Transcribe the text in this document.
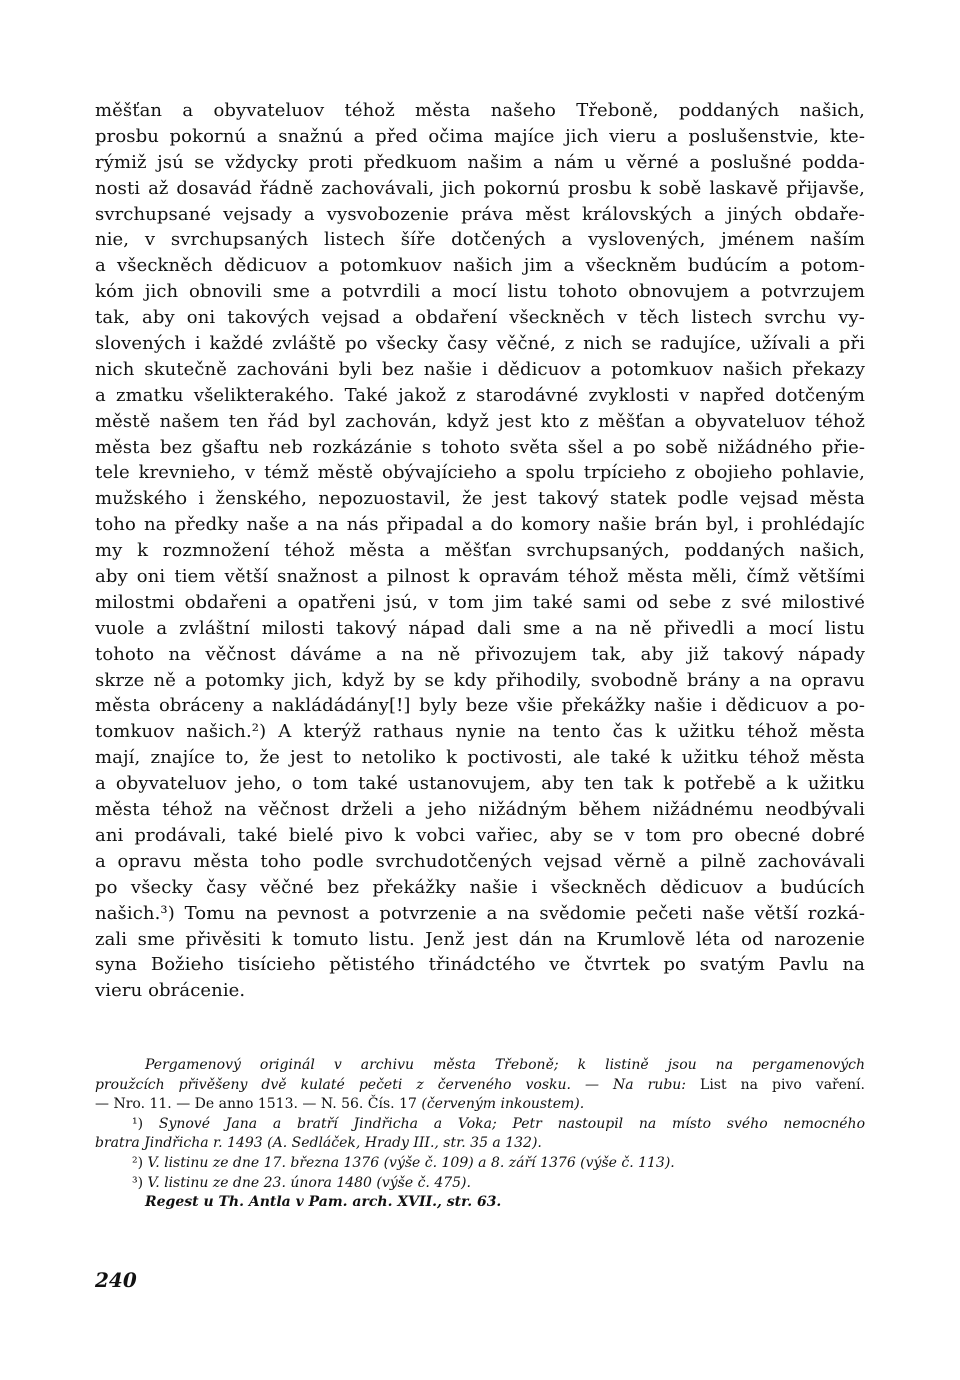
měšťan a obyvateluov téhož města našeho Třeboně, poddaných našich,
prosbu pokornú a snažnú a před očima majíce jich vieru a poslušenstvie, kte-
rýmiž jsú se vždycky proti předkuom našim a nám u věrné a poslušné podda-
nosti až dosavád řádně zachovávali, jich pokornú prosbu k sobě laskavě přijavše,
svrchupsané vejsady a vysvobozenie práva měst královských a jiných obdaře-
nie, v svrchupsaných listech šíře dotčených a vyslovených, jménem naším
a všeckněch dědicuov a potomkuov našich jim a všeckněm budúcím a potom-
kóm jich obnovili sme a potvrdili a mocí listu tohoto obnovujem a potvrzujem
tak, aby oni takových vejsad a obdaření všeckněch v těch listech svrchu vy-
slovených i každé zvláště po všecky časy věčné, z nich se radujíce, užívali a při
nich skutečně zachováni byli bez našie i dědicuov a potomkuov našich překazy
a zmatku všelikterakého. Také jakož z starodávné zvyklosti v napřed dotčeným
městě našem ten řád byl zachován, když jest kto z měšťan a obyvateluov téhož
města bez gšaftu neb rozkázánie s tohoto světa sšel a po sobě nižádného přie-
tele krevnieho, v témž městě obývajícieho a spolu trpícieho z obojieho pohlavie,
mužského i ženského, nepozuostavil, že jest takový statek podle vejsad města
toho na předky naše a na nás připadal a do komory našie brán byl, i prohlédajíc
my k rozmnožení téhož města a měšťan svrchupsaných, poddaných našich,
aby oni tiem větší snažnost a pilnost k opravám téhož města měli, čímž většími
milostmi obdařeni a opatřeni jsú, v tom jim také sami od sebe z své milostivé
vuole a zvláštní milosti takový nápad dali sme a na ně přivedli a mocí listu
tohoto na věčnost dáváme a na ně přivozujem tak, aby již takový nápady
skrze ně a potomky jich, když by se kdy přihodily, svobodně brány a na opravu
města obráceny a nakládádány[!] byly beze všie překážky našie i dědicuov a po-
tomkuov našich.²) A kterýž rathaus nynie na tento čas k užitku téhož města
mají, znajíce to, že jest to netoliko k poctivosti, ale také k užitku téhož města
a obyvateluov jeho, o tom také ustanovujem, aby ten tak k potřebě a k užitku
města téhož na věčnost drželi a jeho nižádným během nižádnému neodbývali
ani prodávali, také bielé pivo k vobci vařiec, aby se v tom pro obecné dobré
a opravu města toho podle svrchudotčených vejsad věrně a pilně zachovávali
po všecky časy věčné bez překážky našie i všeckněch dědicuov a budúcích
našich.³) Tomu na pevnost a potvrzenie a na svědomie pečeti naše větší rozká-
zali sme přivěsiti k tomuto listu. Jenž jest dán na Krumlově léta od narozenie
syna Božieho tisícieho pětistého třinádctého ve čtvrtek po svatým Pavlu na
vieru obrácenie.
Pergamenový originál v archivu města Třeboně; k listině jsou na pergamenových
proužcích přivěšeny dvě kulaté pečeti z červeného vosku. — Na rubu: List na pivo vaření.
— Nro. 11. — De anno 1513. — N. 56. Čís. 17 (červeným inkoustem).
¹) Synové Jana a bratří Jindřicha a Voka; Petr nastoupil na místo svého nemocného
bratra Jindřicha r. 1493 (A. Sedláček, Hrady III., str. 35 a 132).
²) V. listinu ze dne 17. března 1376 (výše č. 109) a 8. září 1376 (výše č. 113).
³) V. listinu ze dne 23. února 1480 (výše č. 475).
Regest u Th. Antla v Pam. arch. XVII., str. 63.
240
